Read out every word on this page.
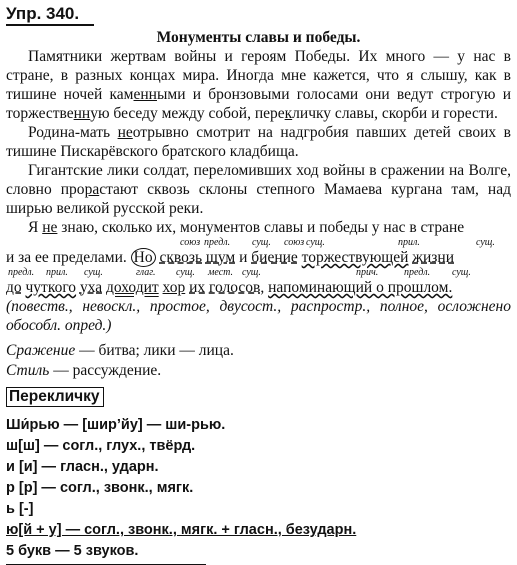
Упр. 340.
Монументы славы и победы.

Памятники жертвам войны и героям Победы. Их много — у нас в стране, в разных концах мира. Иногда мне кажется, что я слышу, как в тишине ночей каменными и бронзовыми голосами они ведут строгую и торжественную беседу между собой, перекличку славы, скорби и горести.

Родина-мать неотрывно смотрит на надгробия павших детей своих в тишине Пискарёвского братского кладбища.

Гигантские лики солдат, переломивших ход войны в сражении на Волге, словно прорастают сквозь склоны степного Мамаева кургана там, над ширью великой русской реки.

Я не знаю, сколько их, монументов славы и победы у нас в стране

союз предл. сущ. союз сущ.	прил.	сущ.
и за ее пределами. Но сквозь шум и биение торжествующей жизни
предл. прил. сущ.	глаг. сущ. мест. сущ.	прич.	предл. сущ.
до чуткого уха доходит хор их голосов, напоминающий о прошлом.
(повеств., невоскл., простое, двусост., распростр., полное, осложнено обособл. опред.)

Сражение — битва; лики — лица.

Стиль — рассуждение.

Перекличку

Ши́рью — [шир’йу] — ши-рью.

ш[ш] — согл., глух., твёрд.

и [и] — гласн., ударн.

р [р] — согл., звонк., мягк.

ь [-]

ю[й + у] — согл., звонк., мягк. + гласн., безударн.

5 букв — 5 звуков.
